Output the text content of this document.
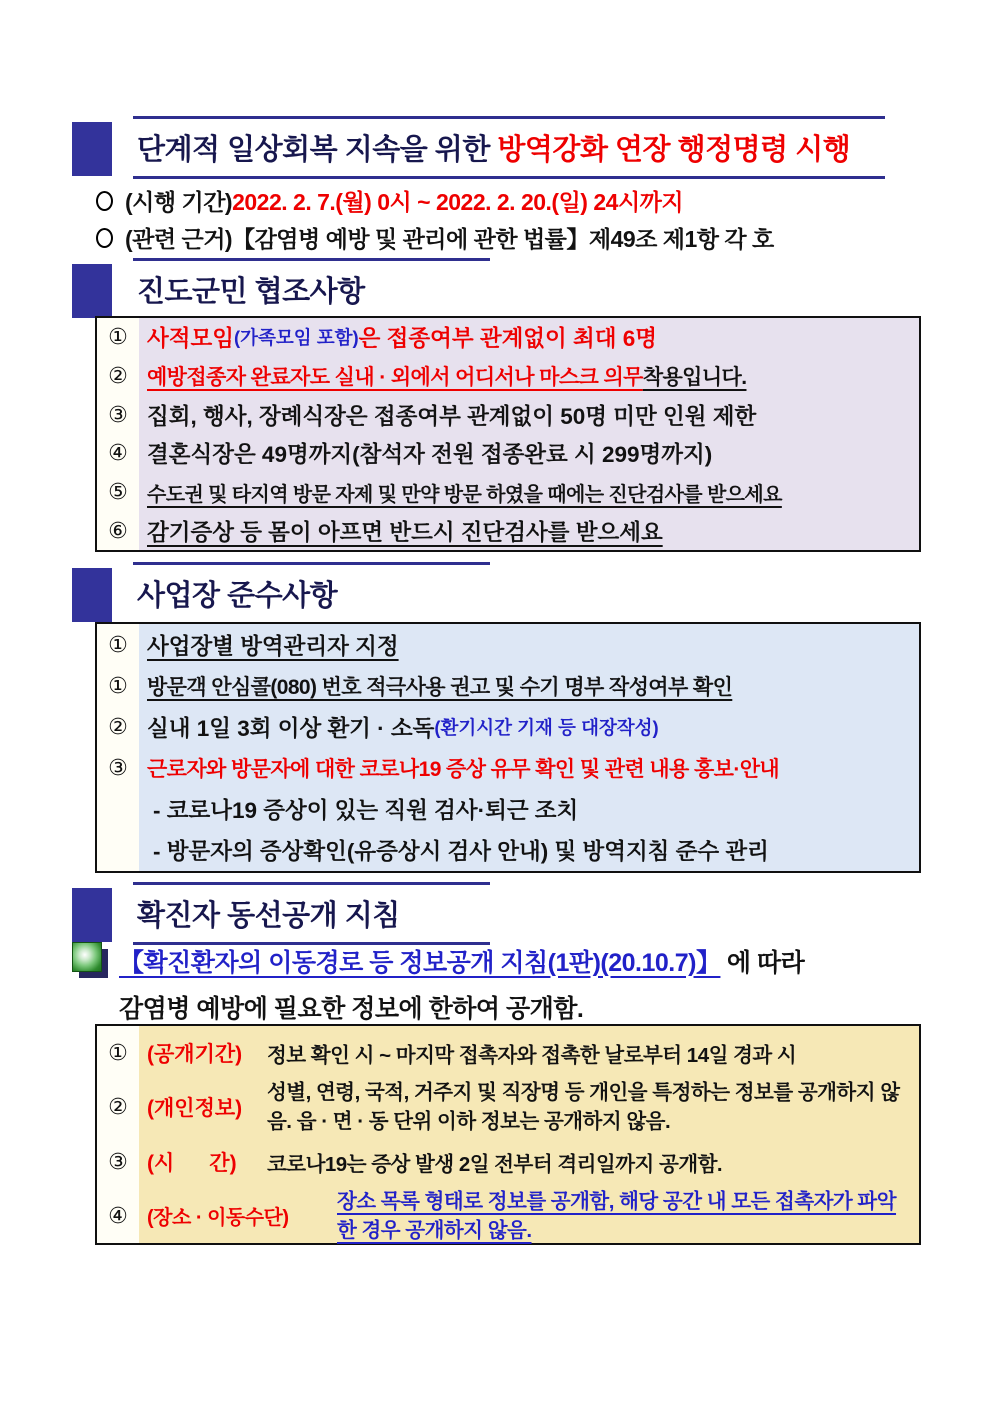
단계적 일상회복 지속을 위한 방역강화 연장 행정명령 시행
(시행 기간) 2022. 2. 7.(월) 0시 ~ 2022. 2. 20.(일) 24시까지
(관련 근거) 【감염병 예방 및 관리에 관한 법률】제49조 제1항 각 호
진도군민 협조사항
① 사적모임 (가족모임 포함) 은 접종여부 관계없이 최대 6명
② 예방접종자 완료자도 실내 · 외에서 어디서나 마스크 의무 착용입니다.
③ 집회, 행사, 장례식장은 접종여부 관계없이 50명 미만 인원 제한
④ 결혼식장은 49명까지(참석자 전원 접종완료 시 299명까지)
⑤ 수도권 및 타지역 방문 자제 및 만약 방문 하였을 때에는 진단검사를 받으세요
⑥ 감기증상 등 몸이 아프면 반드시 진단검사를 받으세요
사업장 준수사항
① 사업장별 방역관리자 지정
① 방문객 안심콜(080) 번호 적극사용 권고 및 수기 명부 작성여부 확인
② 실내 1일 3회 이상 환기 · 소독 (환기시간 기재 등 대장작성)
③ 근로자와 방문자에 대한 코로나19 증상 유무 확인 및 관련 내용 홍보·안내
- 코로나19 증상이 있는 직원 검사·퇴근 조치
- 방문자의 증상확인(유증상시 검사 안내) 및 방역지침 준수 관리
확진자 동선공개 지침
【확진환자의 이동경로 등 정보공개 지침(1판)(20.10.7)】 에 따라
감염병 예방에 필요한 정보에 한하여 공개함.
① (공개기간)	정보 확인 시 ~ 마지막 접촉자와 접촉한 날로부터 14일 경과 시
② (개인정보)
성별, 연령, 국적, 거주지 및 직장명 등 개인을 특정하는 정보를 공개하지 않음. 읍 · 면 · 동 단위 이하 정보는 공개하지 않음.
③ (시      간)	코로나19는 증상 발생 2일 전부터 격리일까지 공개함.
④ (장소 · 이동수단)
장소 목록 형태로 정보를 공개함, 해당 공간 내 모든 접촉자가 파악한 경우 공개하지 않음.
